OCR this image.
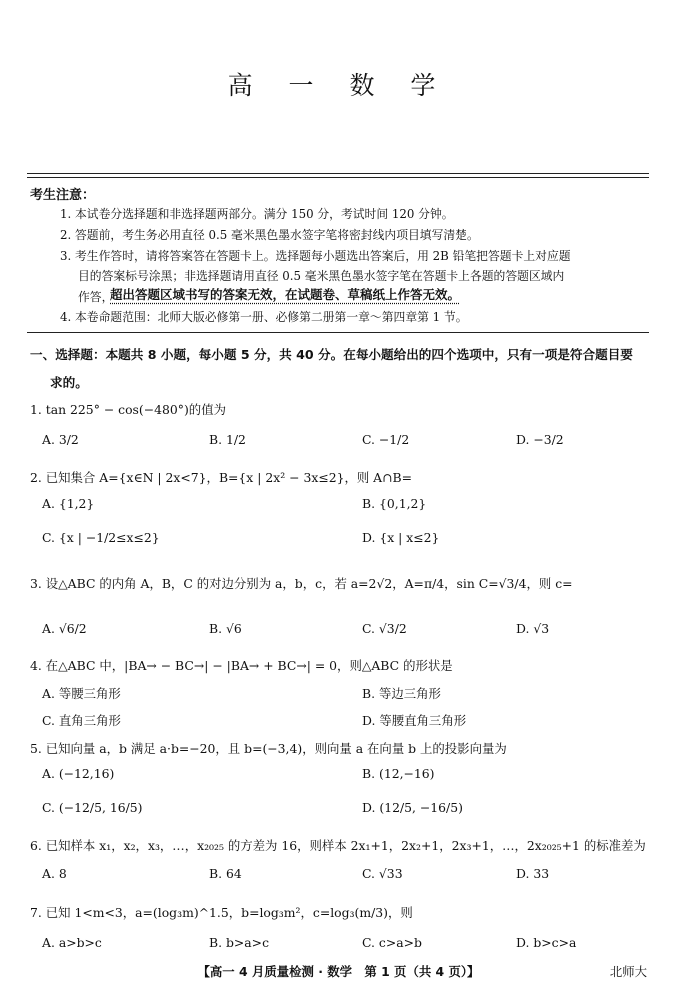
高 一 数 学
考生注意：
1. 本试卷分选择题和非选择题两部分。满分 150 分，考试时间 120 分钟。
2. 答题前，考生务必用直径 0.5 毫米黑色墨水签字笔将密封线内项目填写清楚。
3. 考生作答时，请将答案答在答题卡上。选择题每小题选出答案后，用 2B 铅笔把答题卡上对应题
目的答案标号涂黑；非选择题请用直径 0.5 毫米黑色墨水签字笔在答题卡上各题的答题区域内
作答，
超出答题区域书写的答案无效，在试题卷、草稿纸上作答无效。
4. 本卷命题范围：北师大版必修第一册、必修第二册第一章～第四章第 1 节。
一、选择题：本题共 8 小题，每小题 5 分，共 40 分。在每小题给出的四个选项中，只有一项是符合题目要
求的。
1. tan 225° − cos(−480°)的值为
A. 3/2	B. 1/2	C. −1/2	D. −3/2
2. 已知集合 A={x∈N | 2x<7}，B={x | 2x² − 3x≤2}，则 A∩B=
A. {1,2}	B. {0,1,2}
C. {x | −1/2≤x≤2}	D. {x | x≤2}
3. 设△ABC 的内角 A，B，C 的对边分别为 a，b，c，若 a=2√2，A=π/4，sin C=√3/4，则 c=
A. √6/2	B. √6	C. √3/2	D. √3
4. 在△ABC 中，|BA→ − BC→| − |BA→ + BC→| = 0，则△ABC 的形状是
A. 等腰三角形	B. 等边三角形
C. 直角三角形	D. 等腰直角三角形
5. 已知向量 a，b 满足 a·b=−20，且 b=(−3,4)，则向量 a 在向量 b 上的投影向量为
A. (−12,16)	B. (12,−16)
C. (−12/5, 16/5)	D. (12/5, −16/5)
6. 已知样本 x₁，x₂，x₃，…，x₂₀₂₅ 的方差为 16，则样本 2x₁+1，2x₂+1，2x₃+1，…，2x₂₀₂₅+1 的标准差为
A. 8	B. 64	C. √33	D. 33
7. 已知 1<m<3，a=(log₃m)^1.5，b=log₃m²，c=log₃(m/3)，则
A. a>b>c	B. b>a>c	C. c>a>b	D. b>c>a
【高一 4 月质量检测 · 数学　第 1 页（共 4 页）】	北师大
